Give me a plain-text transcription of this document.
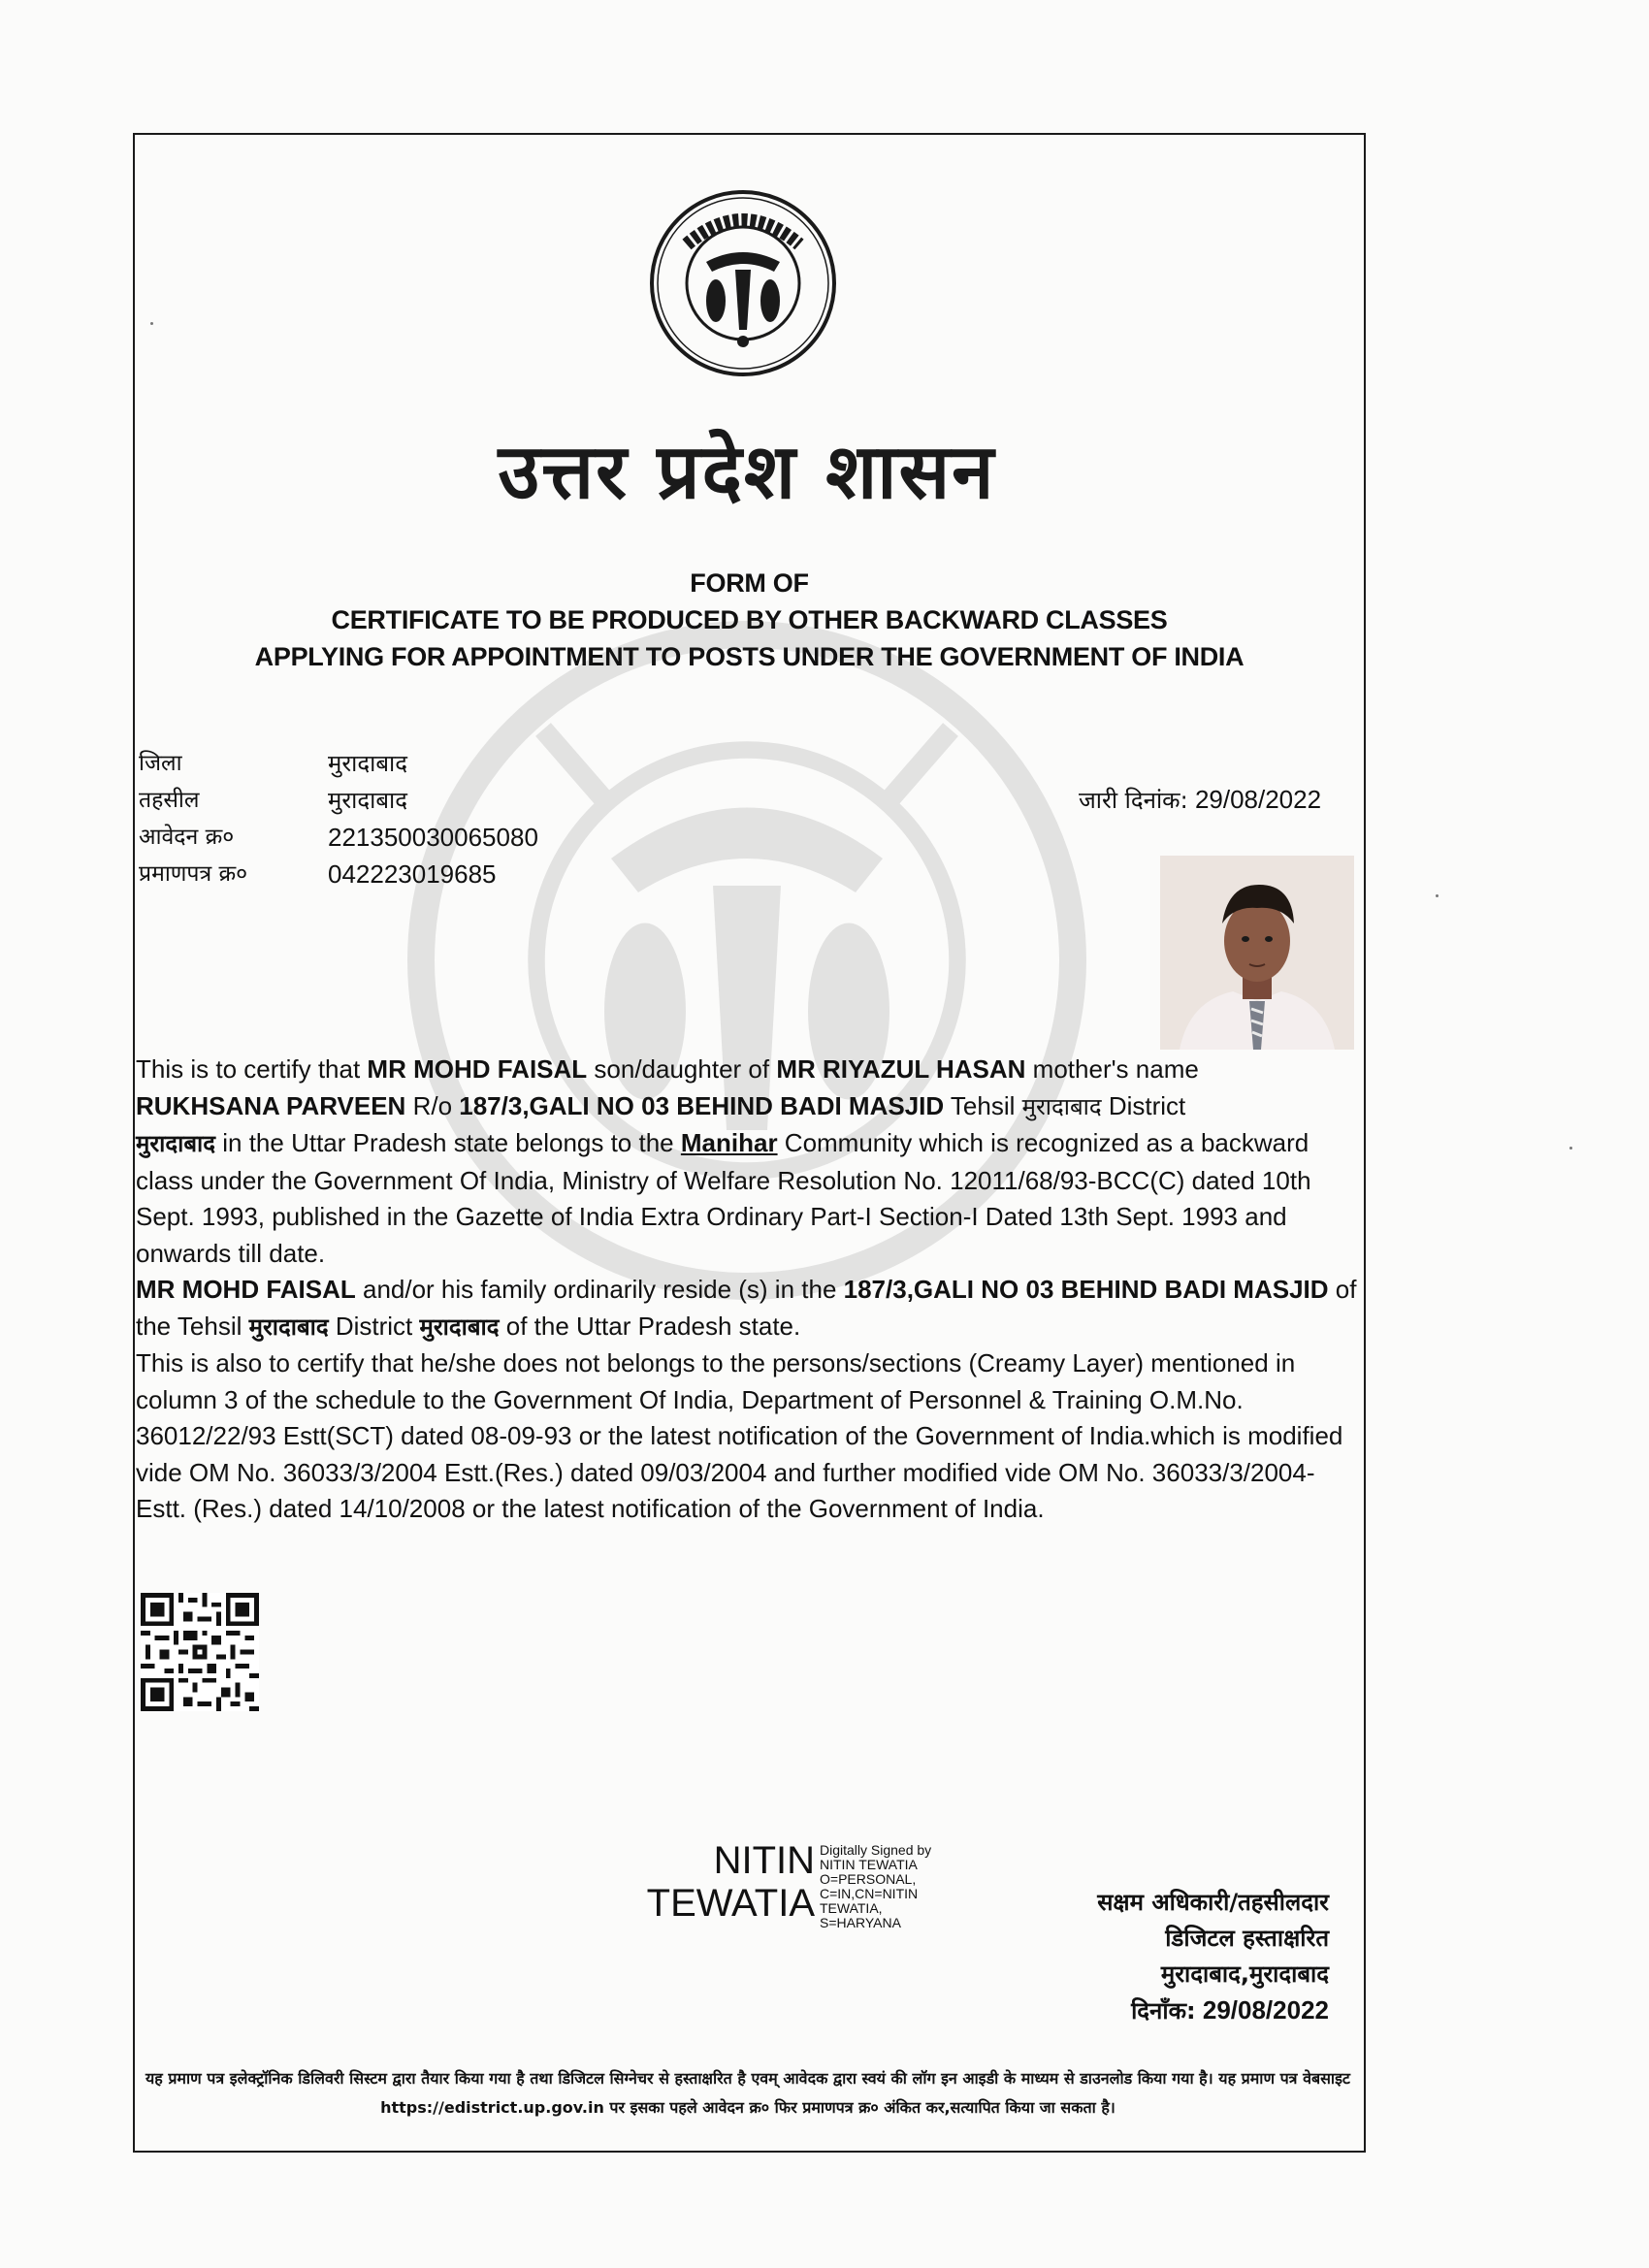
उत्तर प्रदेश शासन
FORM OF
CERTIFICATE TO BE PRODUCED BY OTHER BACKWARD CLASSES
APPLYING FOR APPOINTMENT TO POSTS UNDER THE GOVERNMENT OF INDIA
जिला	मुरादाबाद
तहसील	मुरादाबाद
आवेदन क्र०	221350030065080
प्रमाणपत्र क्र०	042223019685
जारी दिनांक: 29/08/2022

This is to certify that MR MOHD FAISAL son/daughter of MR RIYAZUL HASAN mother's name
RUKHSANA PARVEEN R/o 187/3,GALI NO 03 BEHIND BADI MASJID Tehsil मुरादाबाद District
मुरादाबाद in the Uttar Pradesh state belongs to the Manihar Community which is recognized as a backward class under the Government Of India, Ministry of Welfare Resolution No. 12011/68/93-BCC(C) dated 10th Sept. 1993, published in the Gazette of India Extra Ordinary Part-I Section-I Dated 13th Sept. 1993 and onwards till date.

MR MOHD FAISAL and/or his family ordinarily reside (s) in the 187/3,GALI NO 03 BEHIND BADI MASJID of the Tehsil मुरादाबाद District मुरादाबाद of the Uttar Pradesh state.

This is also to certify that he/she does not belongs to the persons/sections (Creamy Layer) mentioned in column 3 of the schedule to the Government Of India, Department of Personnel & Training O.M.No. 36012/22/93 Estt(SCT) dated 08-09-93 or the latest notification of the Government of India.which is modified vide OM No. 36033/3/2004 Estt.(Res.) dated 09/03/2004 and further modified vide OM No. 36033/3/2004-Estt. (Res.) dated 14/10/2008 or the latest notification of the Government of India.

NITIN
TEWATIA
Digitally Signed by
NITIN TEWATIA
O=PERSONAL,
C=IN,CN=NITIN
TEWATIA,
S=HARYANA
सक्षम अधिकारी/तहसीलदार
डिजिटल हस्ताक्षरित
मुरादाबाद,मुरादाबाद
दिनाँक: 29/08/2022
यह प्रमाण पत्र इलेक्ट्रॉनिक डिलिवरी सिस्टम द्वारा तैयार किया गया है तथा डिजिटल सिग्नेचर से हस्ताक्षरित है एवम् आवेदक द्वारा स्वयं की लॉग इन आइडी के माध्यम से डाउनलोड किया गया है। यह प्रमाण पत्र वेबसाइट https://edistrict.up.gov.in पर इसका पहले आवेदन क्र० फिर प्रमाणपत्र क्र० अंकित कर,सत्यापित किया जा सकता है।
